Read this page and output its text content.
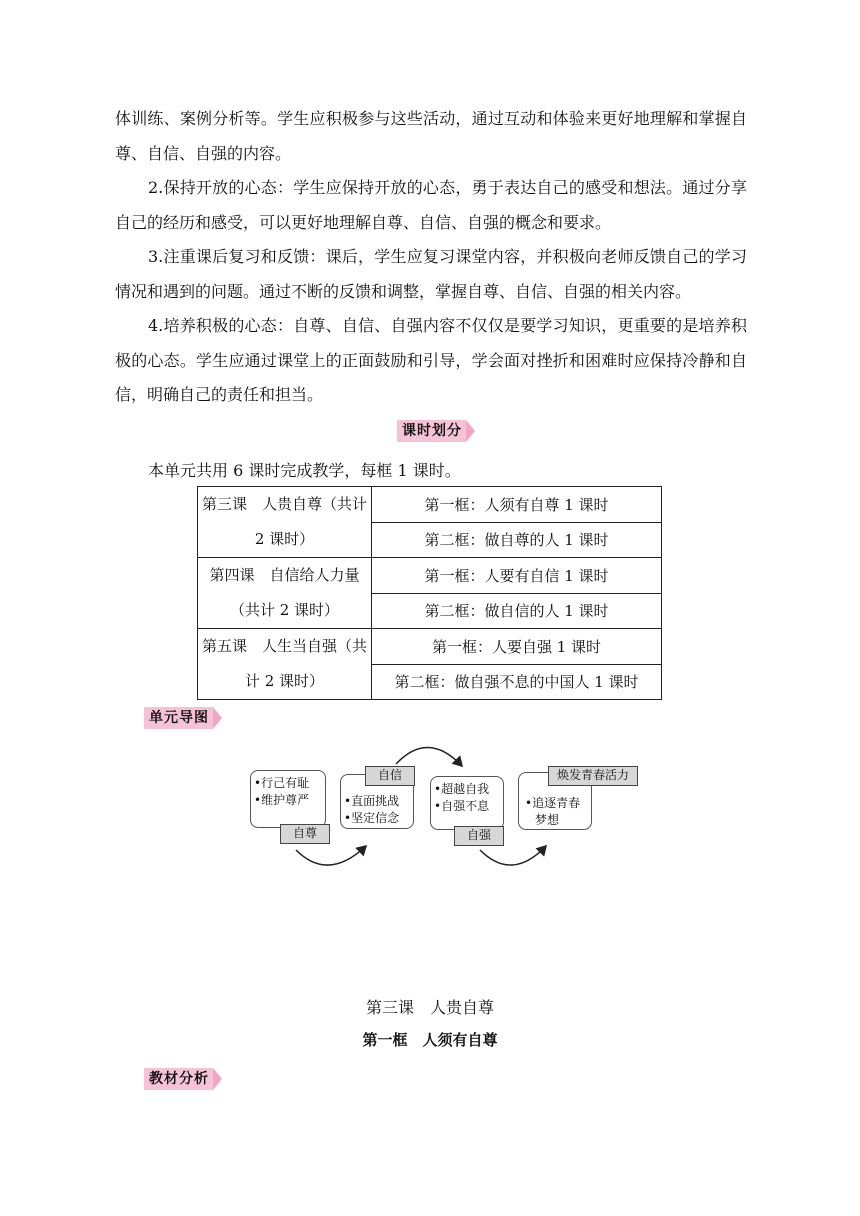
体训练、案例分析等。学生应积极参与这些活动，通过互动和体验来更好地理解和掌握自尊、自信、自强的内容。

2.保持开放的心态：学生应保持开放的心态，勇于表达自己的感受和想法。通过分享自己的经历和感受，可以更好地理解自尊、自信、自强的概念和要求。

3.注重课后复习和反馈：课后，学生应复习课堂内容，并积极向老师反馈自己的学习情况和遇到的问题。通过不断的反馈和调整，掌握自尊、自信、自强的相关内容。

4.培养积极的心态：自尊、自信、自强内容不仅仅是要学习知识，更重要的是培养积极的心态。学生应通过课堂上的正面鼓励和引导，学会面对挫折和困难时应保持冷静和自信，明确自己的责任和担当。

课时划分
本单元共用 6 课时完成教学，每框 1 课时。
第三课　人贵自尊（共计 2 课时）	第一框：人须有自尊 1 课时
	第二框：做自尊的人 1 课时
第四课　自信给人力量（共计 2 课时）	第一框：人要有自信 1 课时
	第二框：做自信的人 1 课时
第五课　人生当自强（共计 2 课时）	第一框：人要自强 1 课时
	第二框：做自强不息的中国人 1 课时
单元导图
•行己有耻
•维护尊严
自尊
•直面挑战
•坚定信念
自信
•超越自我
•自强不息
自强
•追逐青春
梦想
焕发青春活力
第三课　人贵自尊
第一框　人须有自尊
教材分析
